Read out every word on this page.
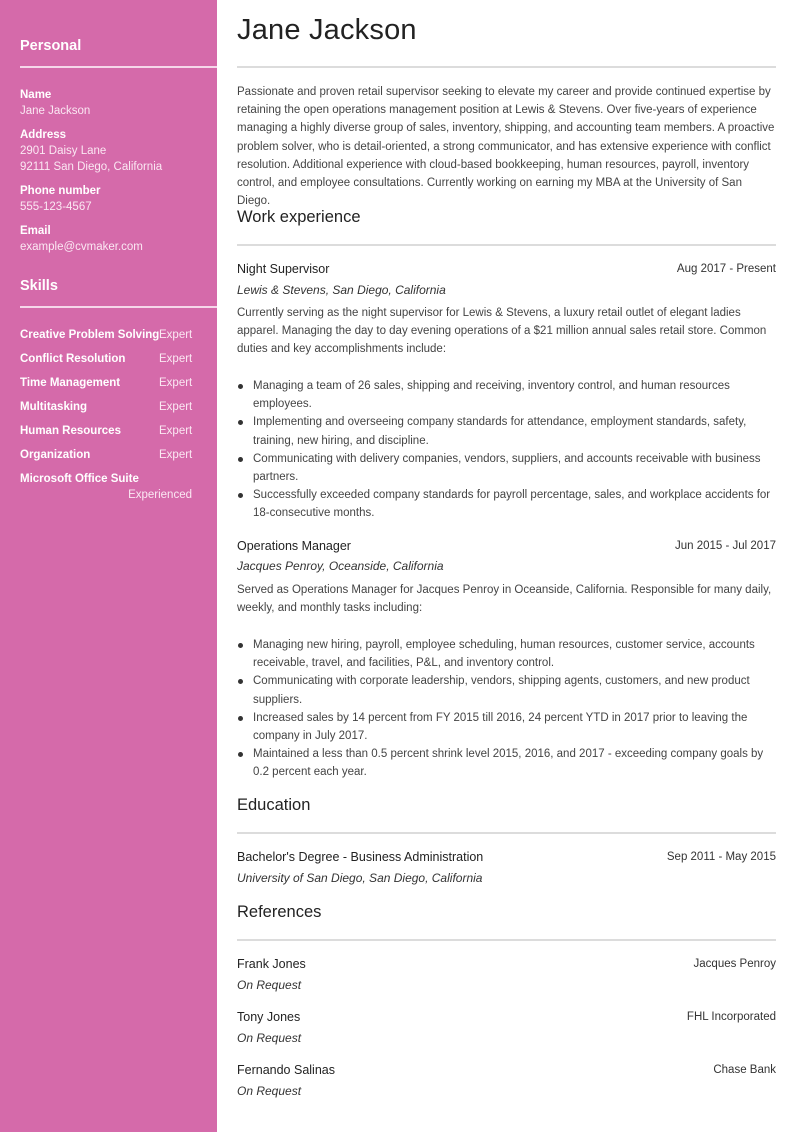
Personal
Name
Jane Jackson
Address
2901 Daisy Lane
92111 San Diego, California
Phone number
555-123-4567
Email
example@cvmaker.com
Skills
Creative Problem Solving Expert
Conflict Resolution	Expert
Time Management	Expert
Multitasking	Expert
Human Resources	Expert
Organization	Expert
Microsoft Office Suite
Experienced
Jane Jackson

Passionate and proven retail supervisor seeking to elevate my career and provide continued expertise by retaining the open operations management position at Lewis & Stevens. Over five-years of experience managing a highly diverse group of sales, inventory, shipping, and accounting team members. A proactive problem solver, who is detail-oriented, a strong communicator, and has extensive experience with conflict resolution. Additional experience with cloud-based bookkeeping, human resources, payroll, inventory control, and employee consultations. Currently working on earning my MBA at the University of San Diego.

Work experience
Night Supervisor	Aug 2017 - Present
Lewis & Stevens, San Diego, California

Currently serving as the night supervisor for Lewis & Stevens, a luxury retail outlet of elegant ladies apparel. Managing the day to day evening operations of a $21 million annual sales retail store. Common duties and key accomplishments include:

Managing a team of 26 sales, shipping and receiving, inventory control, and human resources employees.
Implementing and overseeing company standards for attendance, employment standards, safety, training, new hiring, and discipline.
Communicating with delivery companies, vendors, suppliers, and accounts receivable with business partners.
Successfully exceeded company standards for payroll percentage, sales, and workplace accidents for 18-consecutive months.
Operations Manager	Jun 2015 - Jul 2017
Jacques Penroy, Oceanside, California

Served as Operations Manager for Jacques Penroy in Oceanside, California. Responsible for many daily, weekly, and monthly tasks including:

Managing new hiring, payroll, employee scheduling, human resources, customer service, accounts receivable, travel, and facilities, P&L, and inventory control.
Communicating with corporate leadership, vendors, shipping agents, customers, and new product suppliers.
Increased sales by 14 percent from FY 2015 till 2016, 24 percent YTD in 2017 prior to leaving the company in July 2017.
Maintained a less than 0.5 percent shrink level 2015, 2016, and 2017 - exceeding company goals by 0.2 percent each year.
Education
Bachelor's Degree - Business Administration	Sep 2011 - May 2015
University of San Diego, San Diego, California
References
Frank Jones	Jacques Penroy
On Request
Tony Jones	FHL Incorporated
On Request
Fernando Salinas	Chase Bank
On Request
